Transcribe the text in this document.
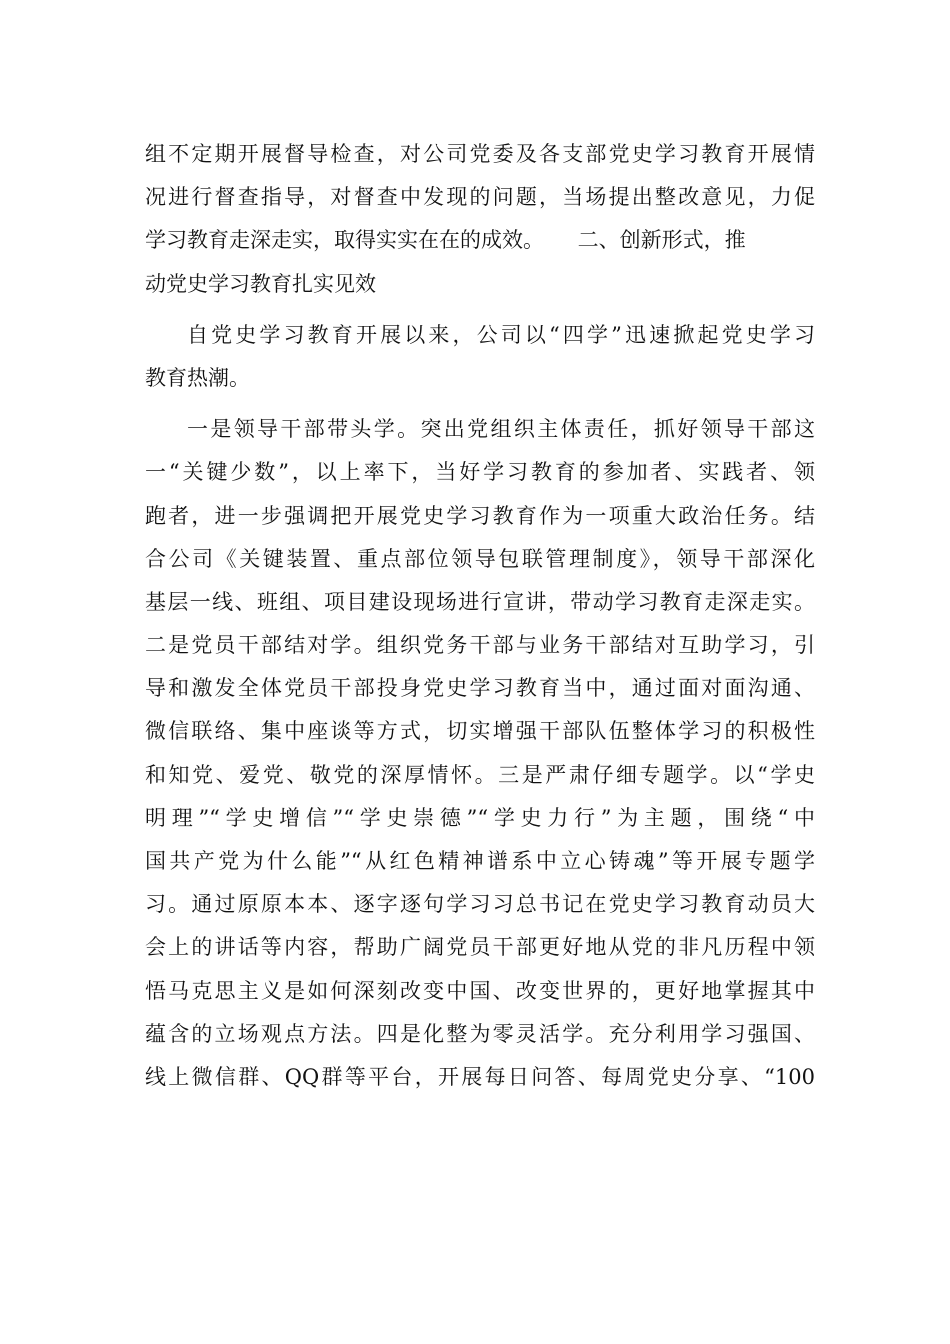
组不定期开展督导检查，对公司党委及各支部党史学习教育开展情
况进行督查指导，对督查中发现的问题，当场提出整改意见，力促
学习教育走深走实，取得实实在在的成效。 二、创新形式，推
动党史学习教育扎实见效
自党史学习教育开展以来，公司以“四学”迅速掀起党史学习
教育热潮。
一是领导干部带头学。突出党组织主体责任，抓好领导干部这
一“关键少数”，以上率下，当好学习教育的参加者、实践者、领
跑者，进一步强调把开展党史学习教育作为一项重大政治任务。结
合公司《关键装置、重点部位领导包联管理制度》，领导干部深化
基层一线、班组、项目建设现场进行宣讲，带动学习教育走深走实。
二是党员干部结对学。组织党务干部与业务干部结对互助学习，引
导和激发全体党员干部投身党史学习教育当中，通过面对面沟通、
微信联络、集中座谈等方式，切实增强干部队伍整体学习的积极性
和知党、爱党、敬党的深厚情怀。三是严肃仔细专题学。以“学史
明理”“学史增信”“学史崇德”“学史力行”为主题，围绕“中
国共产党为什么能”“从红色精神谱系中立心铸魂”等开展专题学
习。通过原原本本、逐字逐句学习习总书记在党史学习教育动员大
会上的讲话等内容，帮助广阔党员干部更好地从党的非凡历程中领
悟马克思主义是如何深刻改变中国、改变世界的，更好地掌握其中
蕴含的立场观点方法。四是化整为零灵活学。充分利用学习强国、
线上微信群、QQ群等平台，开展每日问答、每周党史分享、“100
